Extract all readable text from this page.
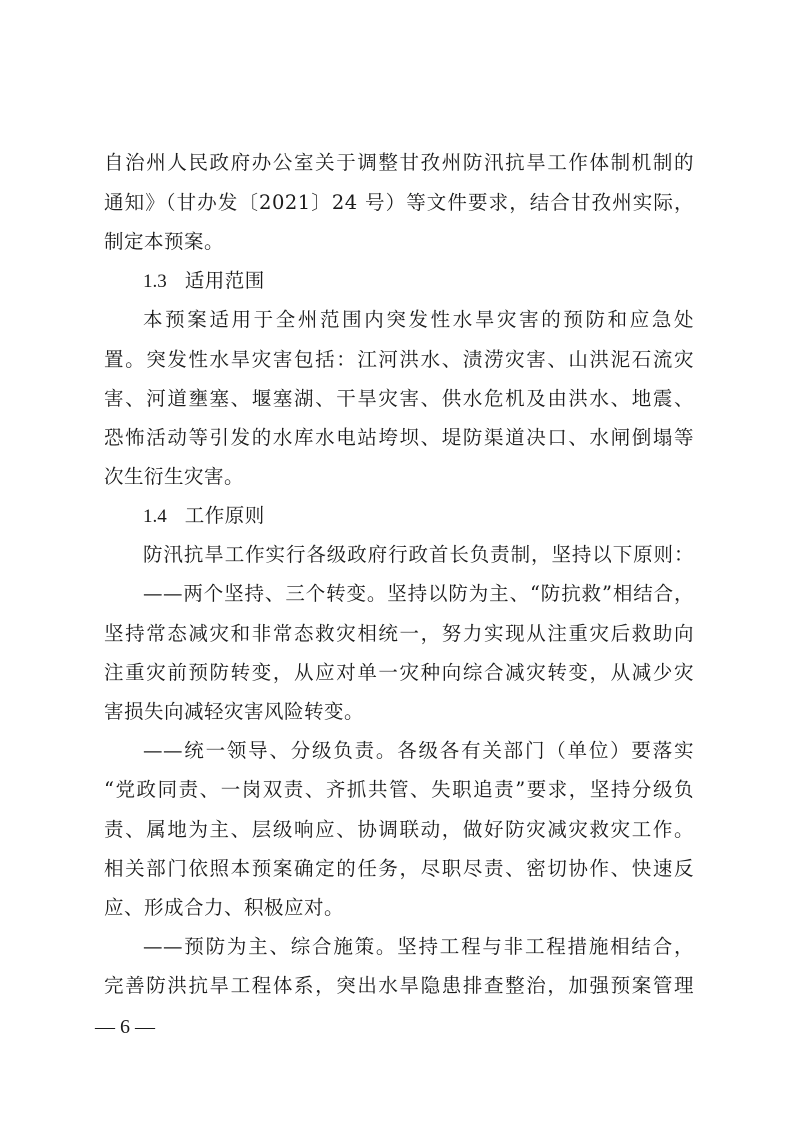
自治州人民政府办公室关于调整甘孜州防汛抗旱工作体制机制的
通知》（甘办发〔2021〕24 号）等文件要求，结合甘孜州实际，
制定本预案。
1.3 适用范围
本预案适用于全州范围内突发性水旱灾害的预防和应急处
置。突发性水旱灾害包括：江河洪水、渍涝灾害、山洪泥石流灾
害、河道壅塞、堰塞湖、干旱灾害、供水危机及由洪水、地震、
恐怖活动等引发的水库水电站垮坝、堤防渠道决口、水闸倒塌等
次生衍生灾害。
1.4 工作原则
防汛抗旱工作实行各级政府行政首长负责制，坚持以下原则：
——两个坚持、三个转变。坚持以防为主、“防抗救”相结合，
坚持常态减灾和非常态救灾相统一，努力实现从注重灾后救助向
注重灾前预防转变，从应对单一灾种向综合减灾转变，从减少灾
害损失向减轻灾害风险转变。
——统一领导、分级负责。各级各有关部门（单位）要落实
“党政同责、一岗双责、齐抓共管、失职追责”要求，坚持分级负
责、属地为主、层级响应、协调联动，做好防灾减灾救灾工作。
相关部门依照本预案确定的任务，尽职尽责、密切协作、快速反
应、形成合力、积极应对。
——预防为主、综合施策。坚持工程与非工程措施相结合，
完善防洪抗旱工程体系，突出水旱隐患排查整治，加强预案管理
— 6 —
